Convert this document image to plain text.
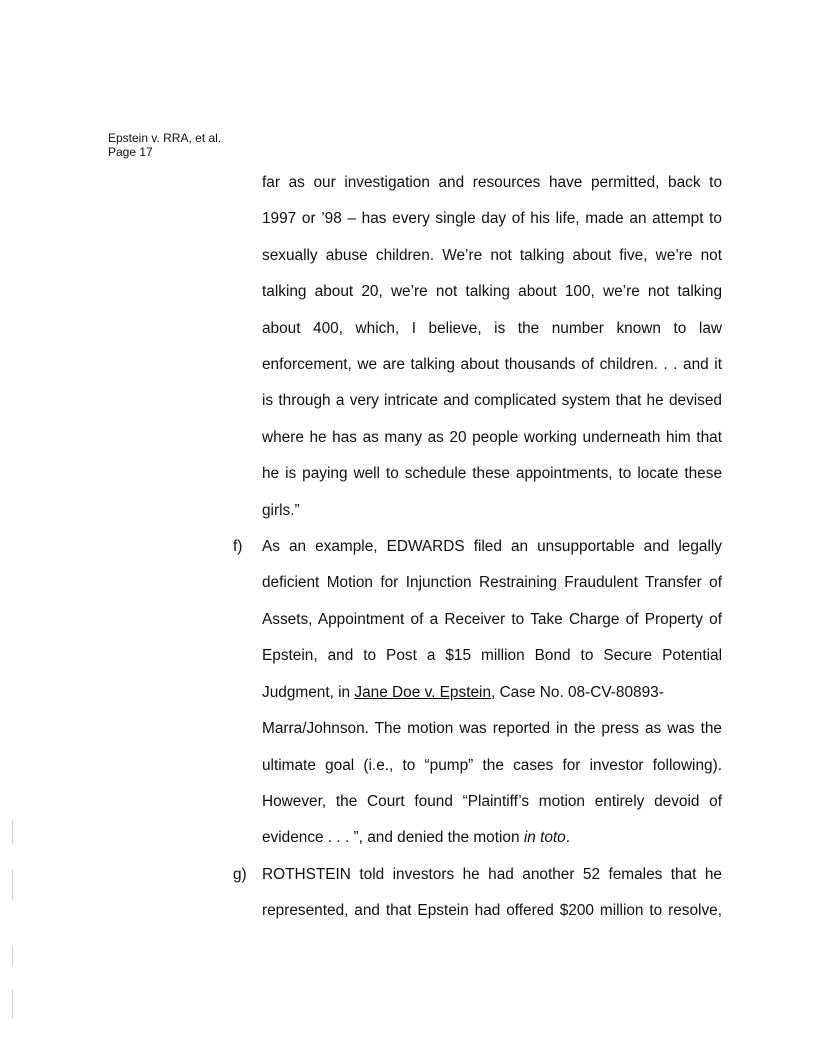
Epstein v. RRA, et al.
Page 17
far as our investigation and resources have permitted, back to
1997 or ’98 – has every single day of his life, made an attempt to
sexually abuse children. We’re not talking about five, we’re not
talking about 20, we’re not talking about 100, we’re not talking
about 400, which, I believe, is the number known to law
enforcement, we are talking about thousands of children. . . and it
is through a very intricate and complicated system that he devised
where he has as many as 20 people working underneath him that
he is paying well to schedule these appointments, to locate these
girls.”
f) As an example, EDWARDS filed an unsupportable and legally
deficient Motion for Injunction Restraining Fraudulent Transfer of
Assets, Appointment of a Receiver to Take Charge of Property of
Epstein, and to Post a $15 million Bond to Secure Potential
Judgment, in Jane Doe v. Epstein, Case No. 08-CV-80893-
Marra/Johnson. The motion was reported in the press as was the
ultimate goal (i.e., to “pump” the cases for investor following).
However, the Court found “Plaintiff’s motion entirely devoid of
evidence . . . ”, and denied the motion in toto.
g) ROTHSTEIN told investors he had another 52 females that he
represented, and that Epstein had offered $200 million to resolve,
